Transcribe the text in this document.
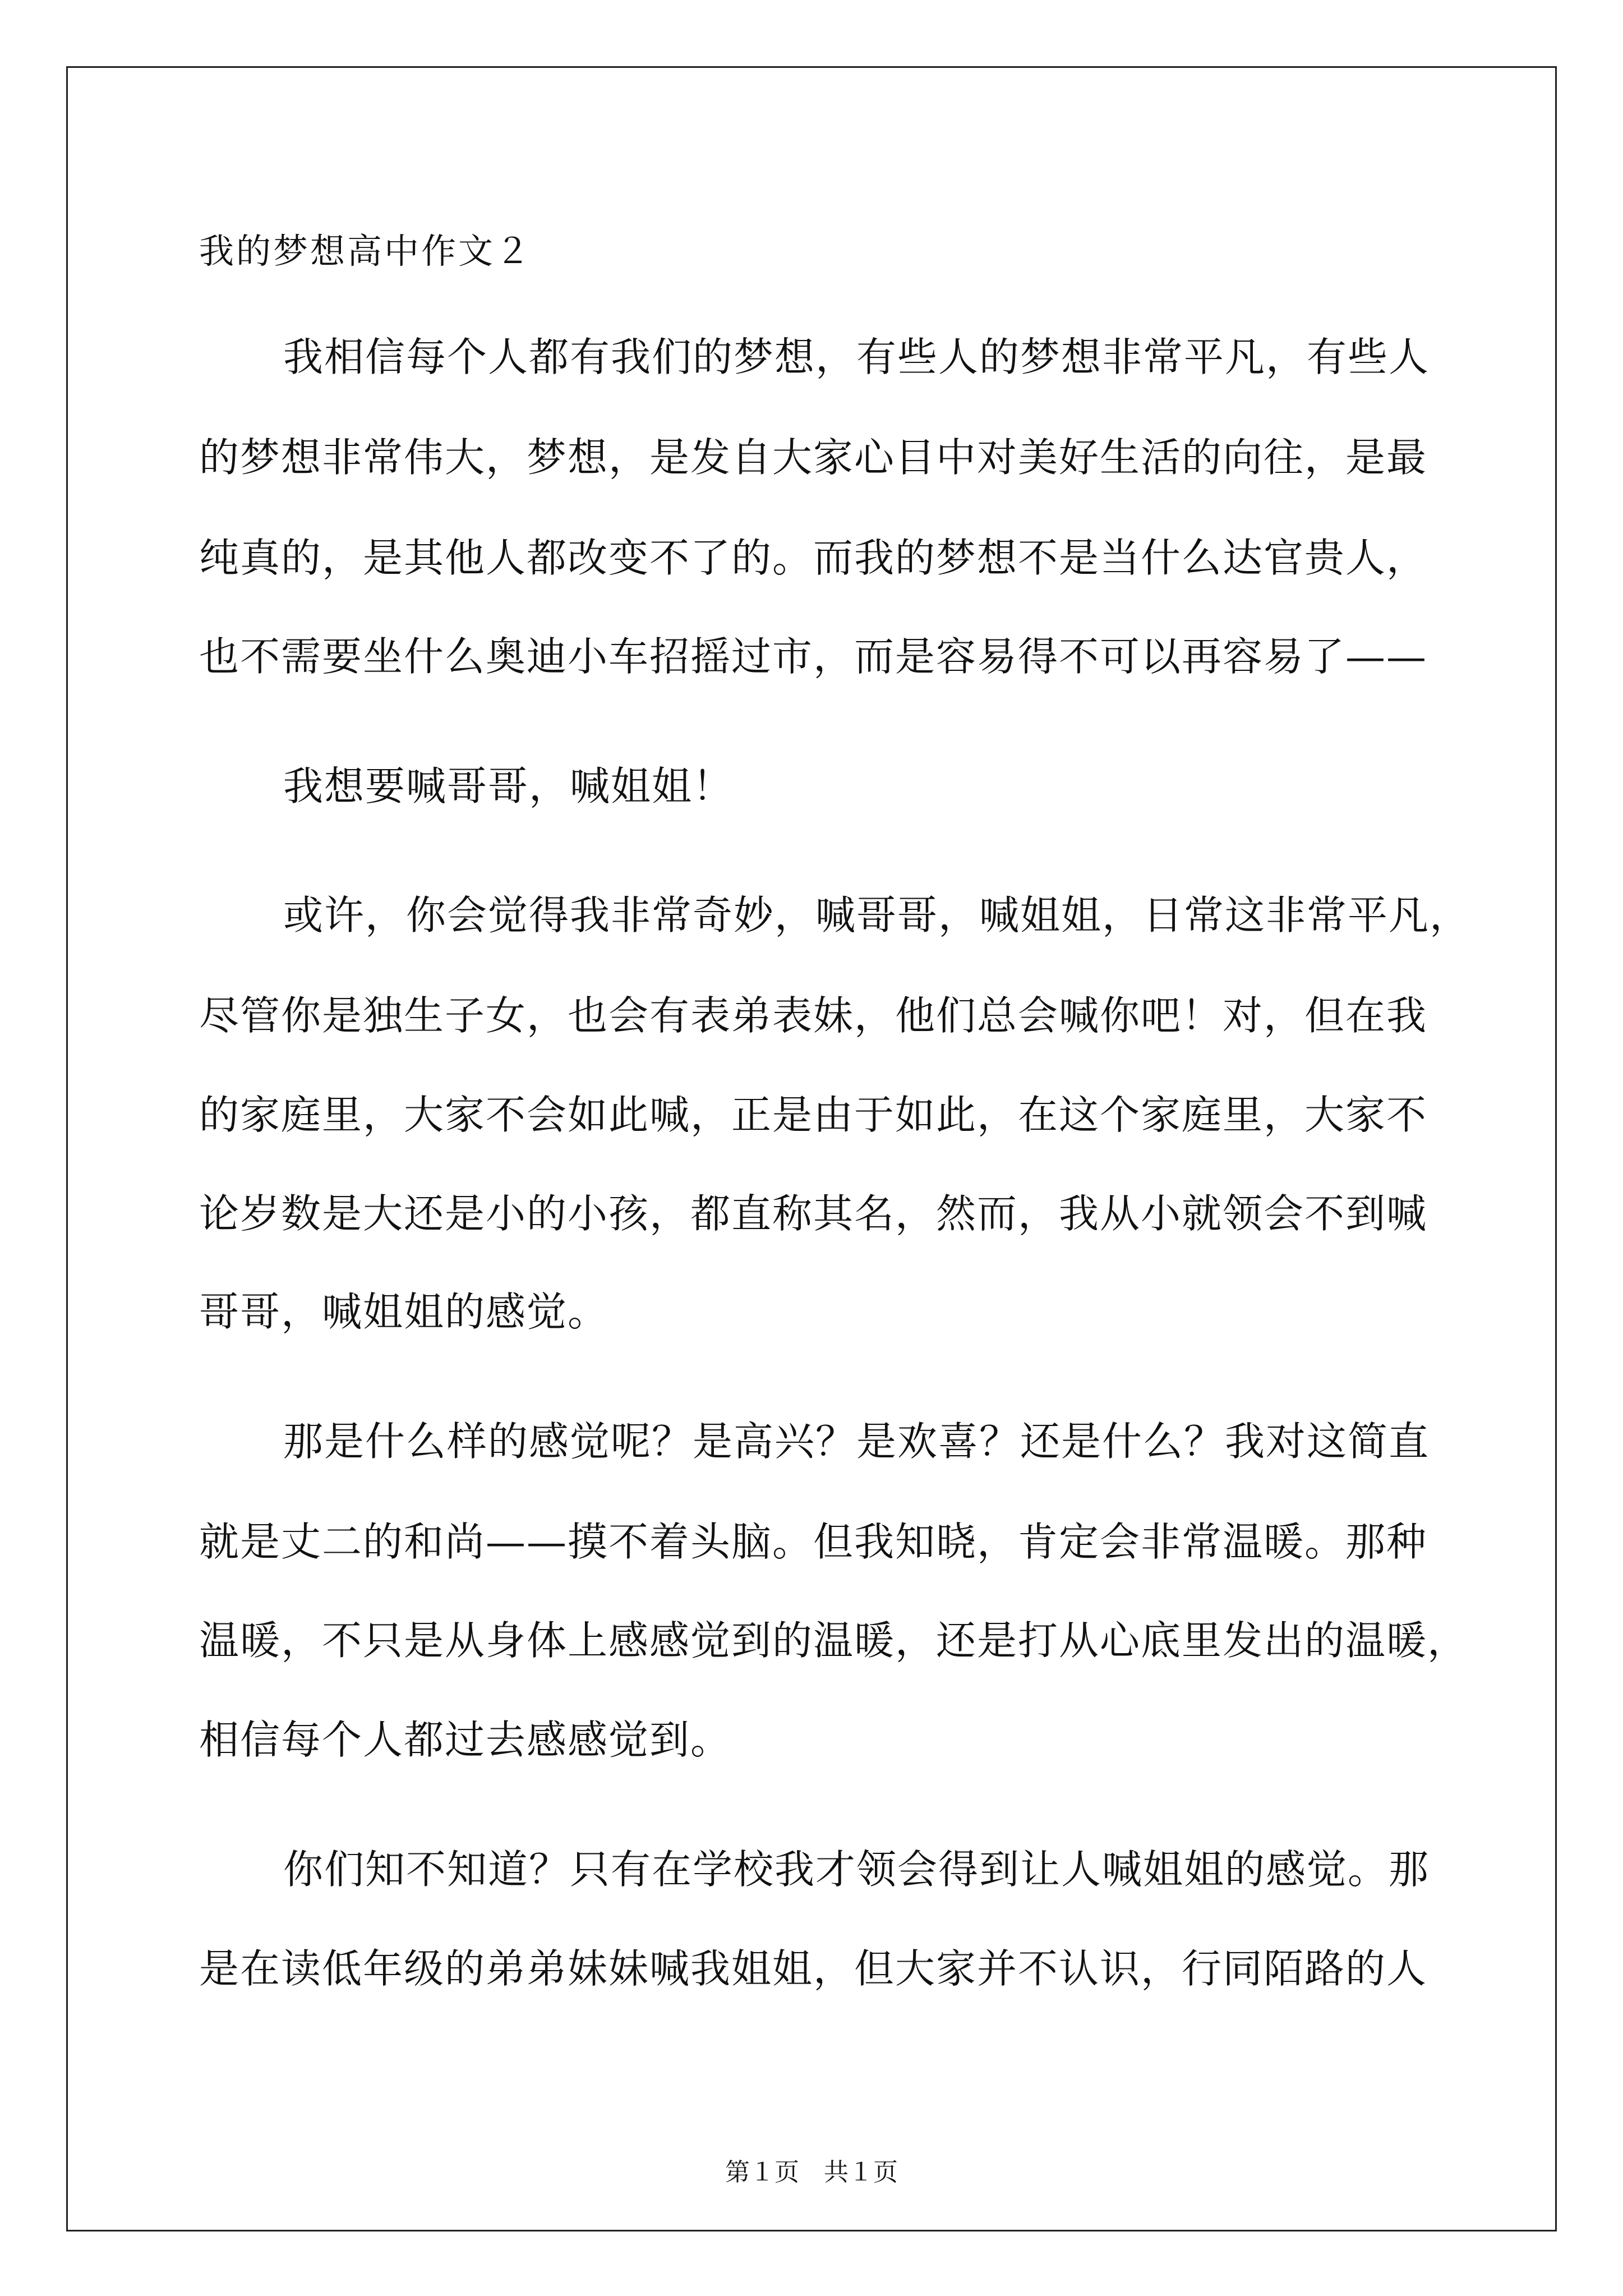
我的梦想高中作文２
我相信每个人都有我们的梦想，有些人的梦想非常平凡，有些人
的梦想非常伟大，梦想，是发自大家心目中对美好生活的向往，是最
纯真的，是其他人都改变不了的。而我的梦想不是当什么达官贵人，
也不需要坐什么奥迪小车招摇过市，而是容易得不可以再容易了——
我想要喊哥哥，喊姐姐！
或许，你会觉得我非常奇妙，喊哥哥，喊姐姐，日常这非常平凡，
尽管你是独生子女，也会有表弟表妹，他们总会喊你吧！对，但在我
的家庭里，大家不会如此喊，正是由于如此，在这个家庭里，大家不
论岁数是大还是小的小孩，都直称其名，然而，我从小就领会不到喊
哥哥，喊姐姐的感觉。
那是什么样的感觉呢？是高兴？是欢喜？还是什么？我对这简直
就是丈二的和尚——摸不着头脑。但我知晓，肯定会非常温暖。那种
温暖，不只是从身体上感感觉到的温暖，还是打从心底里发出的温暖，
相信每个人都过去感感觉到。
你们知不知道？只有在学校我才领会得到让人喊姐姐的感觉。那
是在读低年级的弟弟妹妹喊我姐姐，但大家并不认识，行同陌路的人
第１页　共１页
